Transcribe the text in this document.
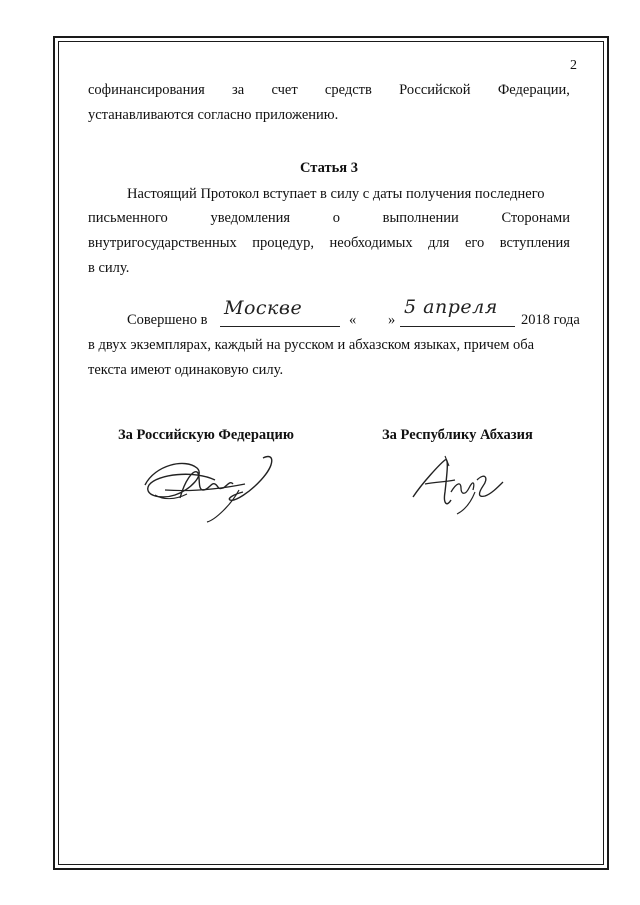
2
софинансирования за счет средств Российской Федерации,
устанавливаются согласно приложению.
Статья 3
Настоящий Протокол вступает в силу с даты получения последнего
письменного	уведомления	о	выполнении	Сторонами
внутригосударственных процедур, необходимых для его вступления
в силу.
Совершено в
Москве
« »
5 апреля
2018 года
в двух экземплярах, каждый на русском и абхазском языках, причем оба
текста имеют одинаковую силу.
За Российскую Федерацию	За Республику Абхазия
